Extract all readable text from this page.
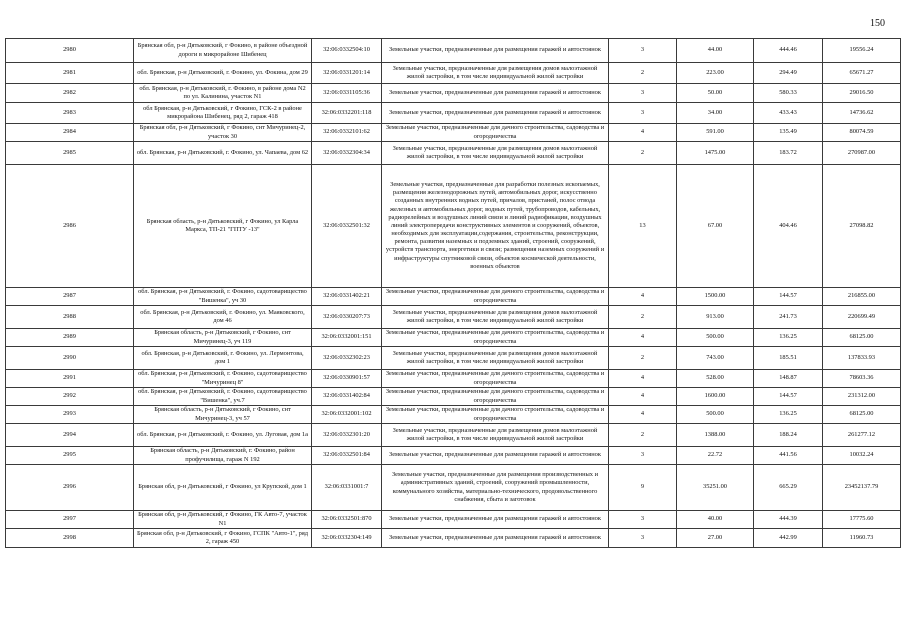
150
2980	Брянская обл, р-н Дятьковский, г Фокино, в районе объездной дороги в микрорайоне Шибенец	32:06:0332504:10	Земельные участки, предназначенные для размещения гаражей и автостоянок	3	44.00	444.46	19556.24
2981	обл. Брянская, р-н Дятьковский, г. Фокино, ул. Фокина, дом 29	32:06:0331201:14	Земельные участки, предназначенные для размещения домов малоэтажной жилой застройки, в том числе индивидуальной жилой застройки	2	223.00	294.49	65671.27
2982	обл. Брянская, р-н Дятьковский, г. Фокино, в районе дома N2 по ул. Калинина, участок N1	32:06:0331105:36	Земельные участки, предназначенные для размещения гаражей и автостоянок	3	50.00	580.33	29016.50
2983	обл Брянская, р-н Дятьковский, г Фокино, ГСК-2 в районе микрорайона Шибенец, ряд 2, гараж 418	32:06:0332201:118	Земельные участки, предназначенные для размещения гаражей и автостоянок	3	34.00	433.43	14736.62
2984	Брянская обл, р-н Дятьковский, г Фокино, снт Мичуринец-2, участок 30	32:06:0332101:62	Земельные участки, предназначенные для дачного строительства, садоводства и огородничества	4	591.00	135.49	80074.59
2985	обл. Брянская, р-н Дятьковский, г. Фокино, ул. Чапаева, дом 62	32:06:0332304:34	Земельные участки, предназначенные для размещения домов малоэтажной жилой застройки, в том числе индивидуальной жилой застройки	2	1475.00	183.72	270987.00
2986	Брянская область, р-н Дятьковский, г Фокино, ул Карла Маркса, ТП-21 "ГПТУ -13"	32:06:0332501:32	Земельные участки, предназначенные для разработки полезных ископаемых, размещения железнодорожных путей, автомобильных дорог, искусственно созданных внутренних водных путей, причалов, пристаней, полос отвода железных и автомобильных дорог, водных путей, трубопроводов, кабельных, радиорелейных и воздушных линий связи и линий радиофикации, воздушных линий электропередачи конструктивных элементов и сооружений, объектов, необходимых для эксплуатации,содержания, строительства, реконструкции, ремонта, развития наземных и подземных зданий, строений, сооружений, устройств транспорта, энергетики и связи; размещения наземных сооружений и инфраструктуры спутниковой связи, объектов космической деятельности, военных объектов	13	67.00	404.46	27098.82
2987	обл. Брянская, р-н Дятьковский, г. Фокино, садотоварищество "Вишенка", уч 30	32:06:0331402:21	Земельные участки, предназначенные для дачного строительства, садоводства и огородничества	4	1500.00	144.57	216855.00
2988	обл. Брянская, р-н Дятьковский, г. Фокино, ул. Маяковского, дом 46	32:06:0330207:73	Земельные участки, предназначенные для размещения домов малоэтажной жилой застройки, в том числе индивидуальной жилой застройки	2	913.00	241.73	220699.49
2989	Брянская область, р-н Дятьковский, г Фокино, снт Мичуринец-3, уч 119	32:06:0332001:151	Земельные участки, предназначенные для дачного строительства, садоводства и огородничества	4	500.00	136.25	68125.00
2990	обл. Брянская, р-н Дятьковский, г. Фокино, ул. Лермонтова, дом 1	32:06:0332302:23	Земельные участки, предназначенные для размещения домов малоэтажной жилой застройки, в том числе индивидуальной жилой застройки	2	743.00	185.51	137833.93
2991	обл. Брянская, р-н Дятьковский, г. Фокино, садотоварищество "Мичуринец 8"	32:06:0330901:57	Земельные участки, предназначенные для дачного строительства, садоводства и огородничества	4	528.00	148.87	78603.36
2992	обл. Брянская, р-н Дятьковский, г. Фокино, садотоварищество "Вишенка", уч.7	32:06:0331402:84	Земельные участки, предназначенные для дачного строительства, садоводства и огородничества	4	1600.00	144.57	231312.00
2993	Брянская область, р-н Дятьковский, г Фокино, снт Мичуринец-3, уч 57	32:06:0332001:102	Земельные участки, предназначенные для дачного строительства, садоводства и огородничества	4	500.00	136.25	68125.00
2994	обл. Брянская, р-н Дятьковский, г. Фокино, ул. Луговая, дом 1а	32:06:0332301:20	Земельные участки, предназначенные для размещения домов малоэтажной жилой застройки, в том числе индивидуальной жилой застройки	2	1388.00	188.24	261277.12
2995	Брянская область, р-н Дятьковский, г. Фокино, район профучилища, гараж N 192	32:06:0332501:84	Земельные участки, предназначенные для размещения гаражей и автостоянок	3	22.72	441.56	10032.24
2996	Брянская обл, р-н Дятьковский, г Фокино, ул Крупской, дом 1	32:06:0331001:7	Земельные участки, предназначенные для размещения производственных и административных зданий, строений, сооружений промышленности, коммунального хозяйства, материально-технического, продовольственного снабжения, сбыта и заготовок	9	35251.00	665.29	23452137.79
2997	Брянская обл, р-н Дятьковский, г Фокино, ГК Авто-7, участок N1	32:06:0332501:870	Земельные участки, предназначенные для размещения гаражей и автостоянок	3	40.00	444.39	17775.60
2998	Брянская обл, р-н Дятьковский, г Фокино, ГСПК "Авто-1", ряд 2, гараж 450	32:06:0332304:149	Земельные участки, предназначенные для размещения гаражей и автостоянок	3	27.00	442.99	11960.73
